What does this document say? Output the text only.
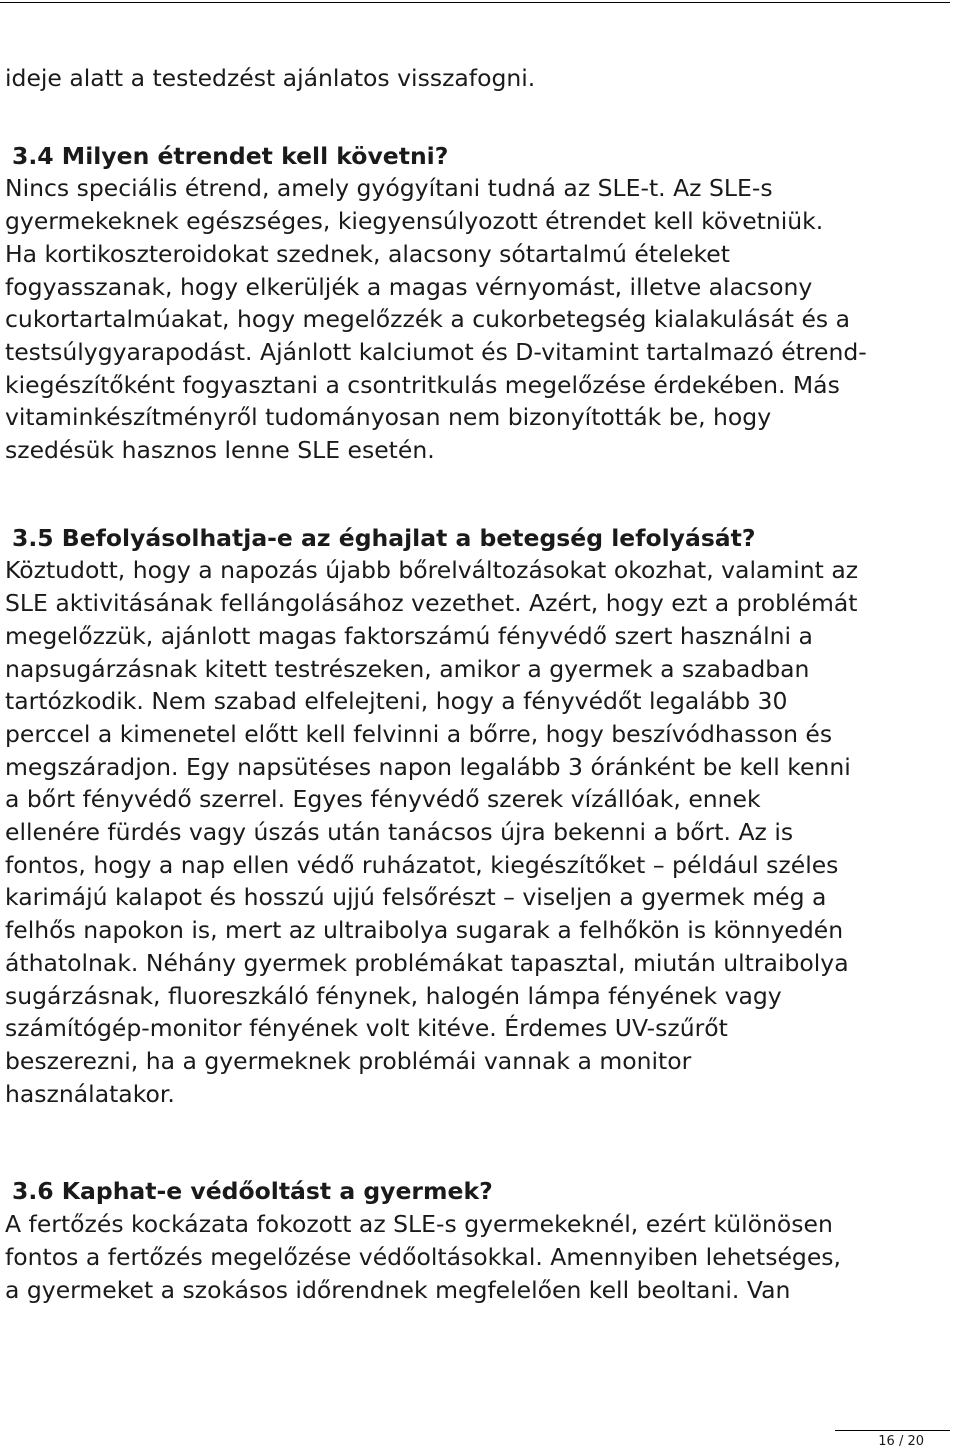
ideje alatt a testedzést ajánlatos visszafogni.

3.4 Milyen étrendet kell követni?

Nincs speciális étrend, amely gyógyítani tudná az SLE-t. Az SLE-s

gyermekeknek egészséges, kiegyensúlyozott étrendet kell követniük.

Ha kortikoszteroidokat szednek, alacsony sótartalmú ételeket

fogyasszanak, hogy elkerüljék a magas vérnyomást, illetve alacsony

cukortartalmúakat, hogy megelőzzék a cukorbetegség kialakulását és a

testsúlygyarapodást. Ajánlott kalciumot és D-vitamint tartalmazó étrend-

kiegészítőként fogyasztani a csontritkulás megelőzése érdekében. Más

vitaminkészítményről tudományosan nem bizonyították be, hogy

szedésük hasznos lenne SLE esetén.

3.5 Befolyásolhatja-e az éghajlat a betegség lefolyását?

Köztudott, hogy a napozás újabb bőrelváltozásokat okozhat, valamint az

SLE aktivitásának fellángolásához vezethet. Azért, hogy ezt a problémát

megelőzzük, ajánlott magas faktorszámú fényvédő szert használni a

napsugárzásnak kitett testrészeken, amikor a gyermek a szabadban

tartózkodik. Nem szabad elfelejteni, hogy a fényvédőt legalább 30

perccel a kimenetel előtt kell felvinni a bőrre, hogy beszívódhasson és

megszáradjon. Egy napsütéses napon legalább 3 óránként be kell kenni

a bőrt fényvédő szerrel. Egyes fényvédő szerek vízállóak, ennek

ellenére fürdés vagy úszás után tanácsos újra bekenni a bőrt. Az is

fontos, hogy a nap ellen védő ruházatot, kiegészítőket – például széles

karimájú kalapot és hosszú ujjú felsőrészt – viseljen a gyermek még a

felhős napokon is, mert az ultraibolya sugarak a felhőkön is könnyedén

áthatolnak. Néhány gyermek problémákat tapasztal, miután ultraibolya

sugárzásnak, fluoreszkáló fénynek, halogén lámpa fényének vagy

számítógép-monitor fényének volt kitéve. Érdemes UV-szűrőt

beszerezni, ha a gyermeknek problémái vannak a monitor

használatakor.

3.6 Kaphat-e védőoltást a gyermek?

A fertőzés kockázata fokozott az SLE-s gyermekeknél, ezért különösen

fontos a fertőzés megelőzése védőoltásokkal. Amennyiben lehetséges,

a gyermeket a szokásos időrendnek megfelelően kell beoltani. Van

16 / 20
